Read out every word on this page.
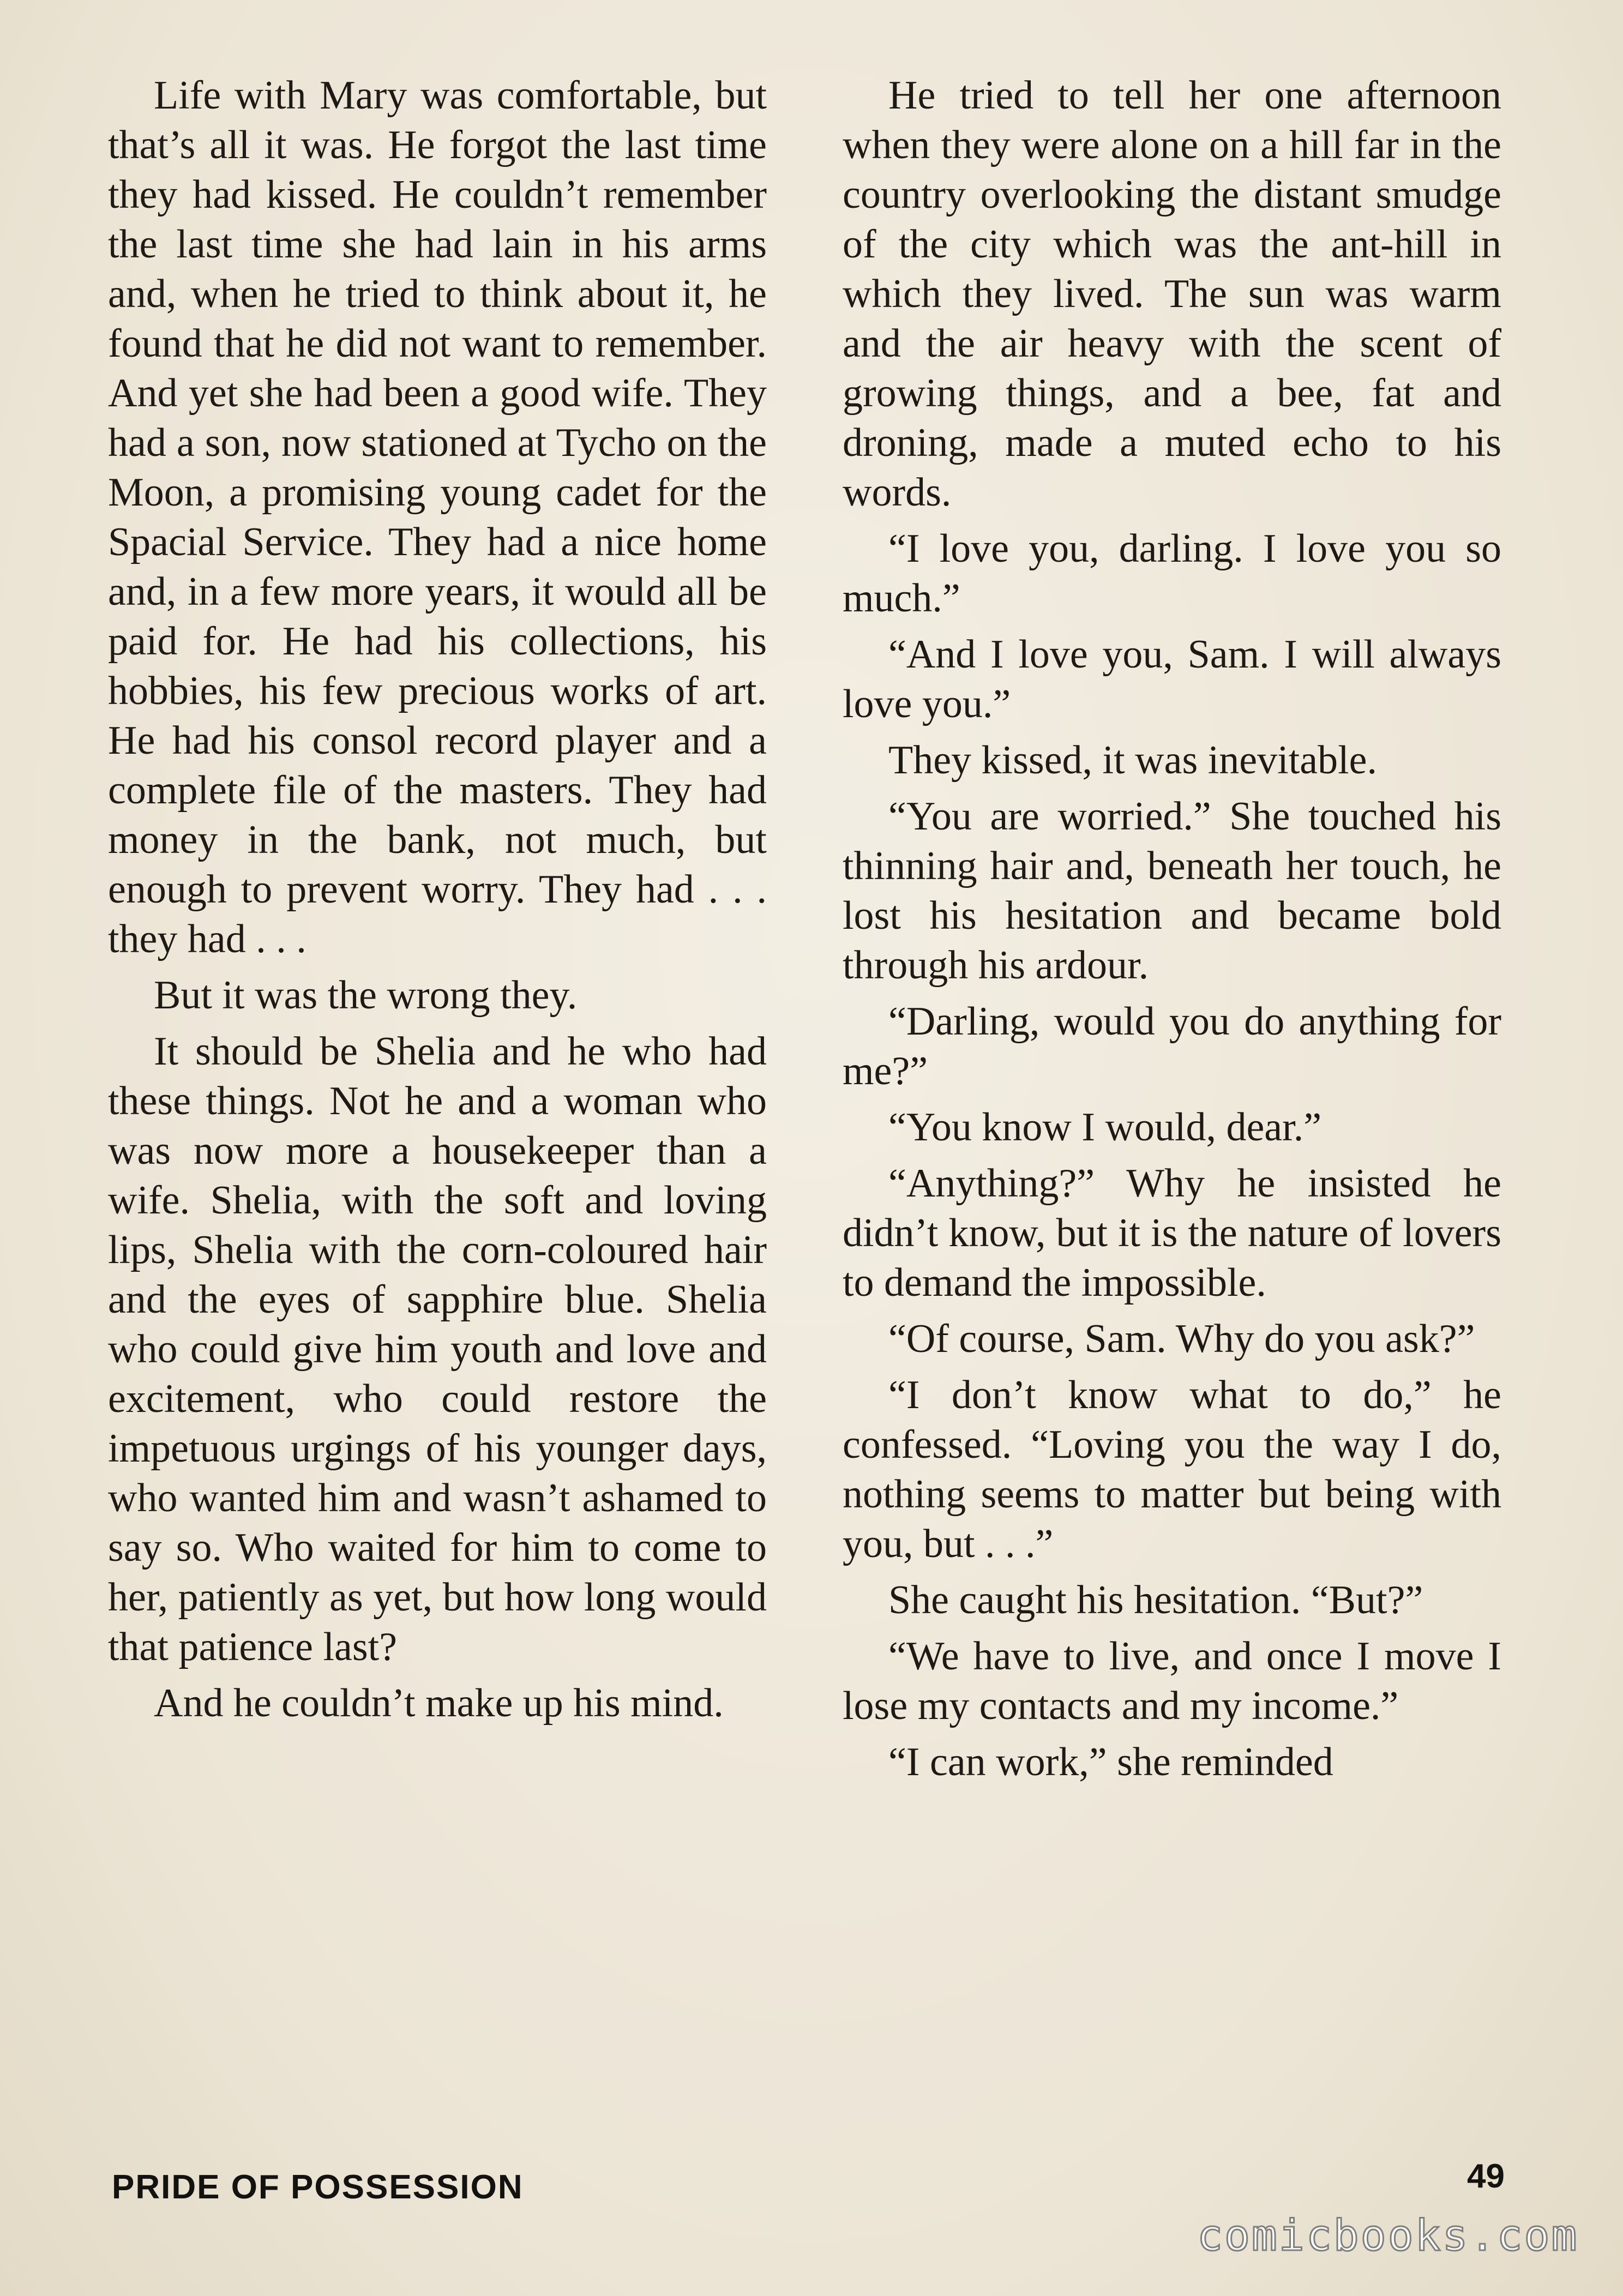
Life with Mary was comfortable, but that’s all it was. He forgot the last time they had kissed. He couldn’t remember the last time she had lain in his arms and, when he tried to think about it, he found that he did not want to remember. And yet she had been a good wife. They had a son, now stationed at Tycho on the Moon, a promising young cadet for the Spacial Service. They had a nice home and, in a few more years, it would all be paid for. He had his collections, his hobbies, his few precious works of art. He had his consol record player and a complete file of the masters. They had money in the bank, not much, but enough to prevent worry. They had . . . they had . . .

But it was the wrong they.

It should be Shelia and he who had these things. Not he and a woman who was now more a housekeeper than a wife. Shelia, with the soft and loving lips, Shelia with the corn-coloured hair and the eyes of sapphire blue. Shelia who could give him youth and love and excitement, who could restore the impetuous urgings of his younger days, who wanted him and wasn’t ashamed to say so. Who waited for him to come to her, patiently as yet, but how long would that patience last?

And he couldn’t make up his mind.

He tried to tell her one afternoon when they were alone on a hill far in the country overlooking the distant smudge of the city which was the ant-hill in which they lived. The sun was warm and the air heavy with the scent of growing things, and a bee, fat and droning, made a muted echo to his words.

“I love you, darling. I love you so much.”

“And I love you, Sam. I will always love you.”

They kissed, it was inevitable.

“You are worried.” She touched his thinning hair and, beneath her touch, he lost his hesitation and became bold through his ardour.

“Darling, would you do anything for me?”

“You know I would, dear.”

“Anything?” Why he insisted he didn’t know, but it is the nature of lovers to demand the impossible.

“Of course, Sam. Why do you ask?”

“I don’t know what to do,” he confessed. “Loving you the way I do, nothing seems to matter but being with you, but . . .”

She caught his hesitation. “But?”

“We have to live, and once I move I lose my contacts and my income.”

“I can work,” she reminded

PRIDE OF POSSESSION	49
comicbooks.com
